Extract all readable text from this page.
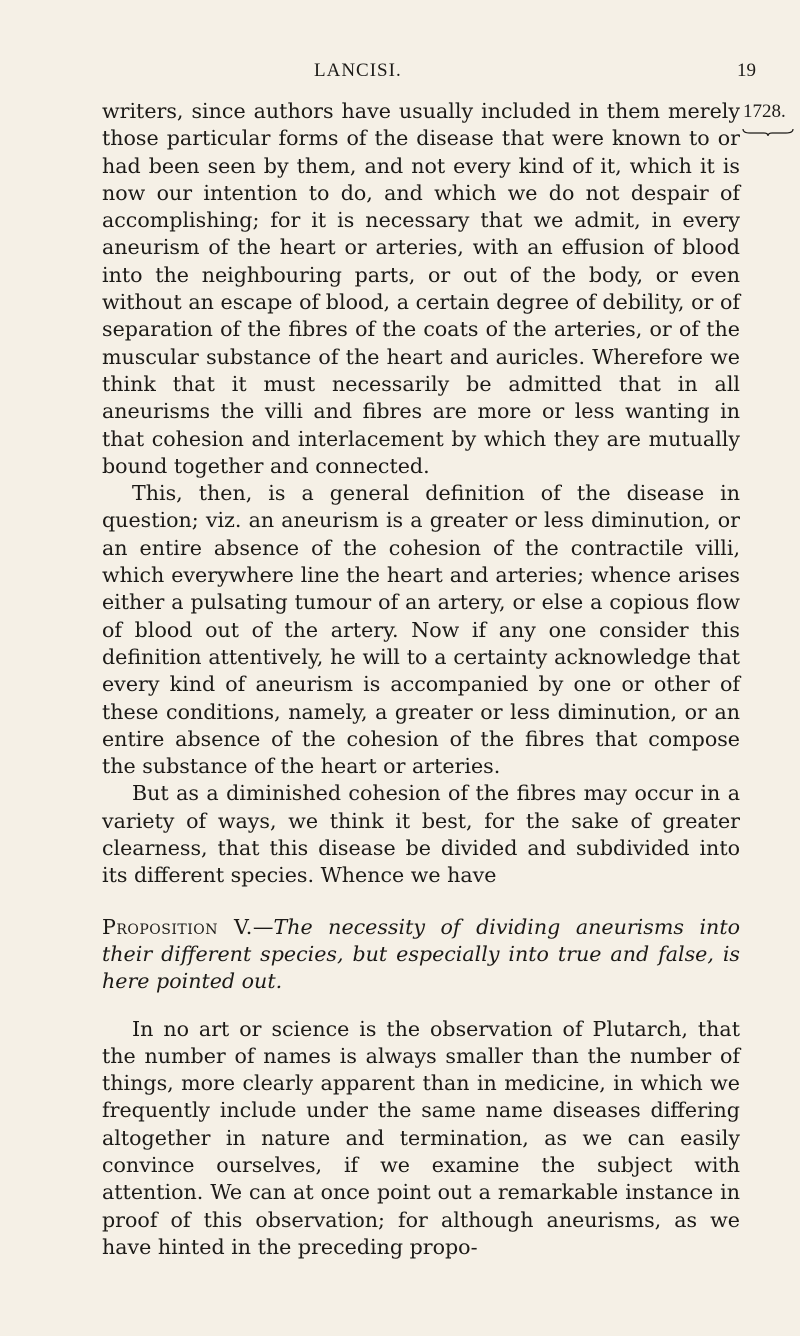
LANCISI.	19
1728.

writers, since authors have usually included in them merely those particular forms of the disease that were known to or had been seen by them, and not every kind of it, which it is now our intention to do, and which we do not despair of accomplishing; for it is necessary that we admit, in every aneurism of the heart or arteries, with an effusion of blood into the neighbouring parts, or out of the body, or even without an escape of blood, a certain degree of debility, or of separation of the fibres of the coats of the arteries, or of the muscular substance of the heart and auricles. Wherefore we think that it must necessarily be admitted that in all aneurisms the villi and fibres are more or less wanting in that cohesion and interlacement by which they are mutually bound together and connected.

This, then, is a general definition of the disease in question; viz. an aneurism is a greater or less diminution, or an entire absence of the cohesion of the contractile villi, which everywhere line the heart and arteries; whence arises either a pulsating tumour of an artery, or else a copious flow of blood out of the artery. Now if any one consider this definition attentively, he will to a certainty acknowledge that every kind of aneurism is accompanied by one or other of these conditions, namely, a greater or less diminution, or an entire absence of the cohesion of the fibres that compose the substance of the heart or arteries.

But as a diminished cohesion of the fibres may occur in a variety of ways, we think it best, for the sake of greater clearness, that this disease be divided and subdivided into its different species. Whence we have

Proposition V.—The necessity of dividing aneurisms into their different species, but especially into true and false, is here pointed out.

In no art or science is the observation of Plutarch, that the number of names is always smaller than the number of things, more clearly apparent than in medicine, in which we frequently include under the same name diseases differing altogether in nature and termination, as we can easily convince ourselves, if we examine the subject with attention. We can at once point out a remarkable instance in proof of this observation; for although aneurisms, as we have hinted in the preceding propo-
